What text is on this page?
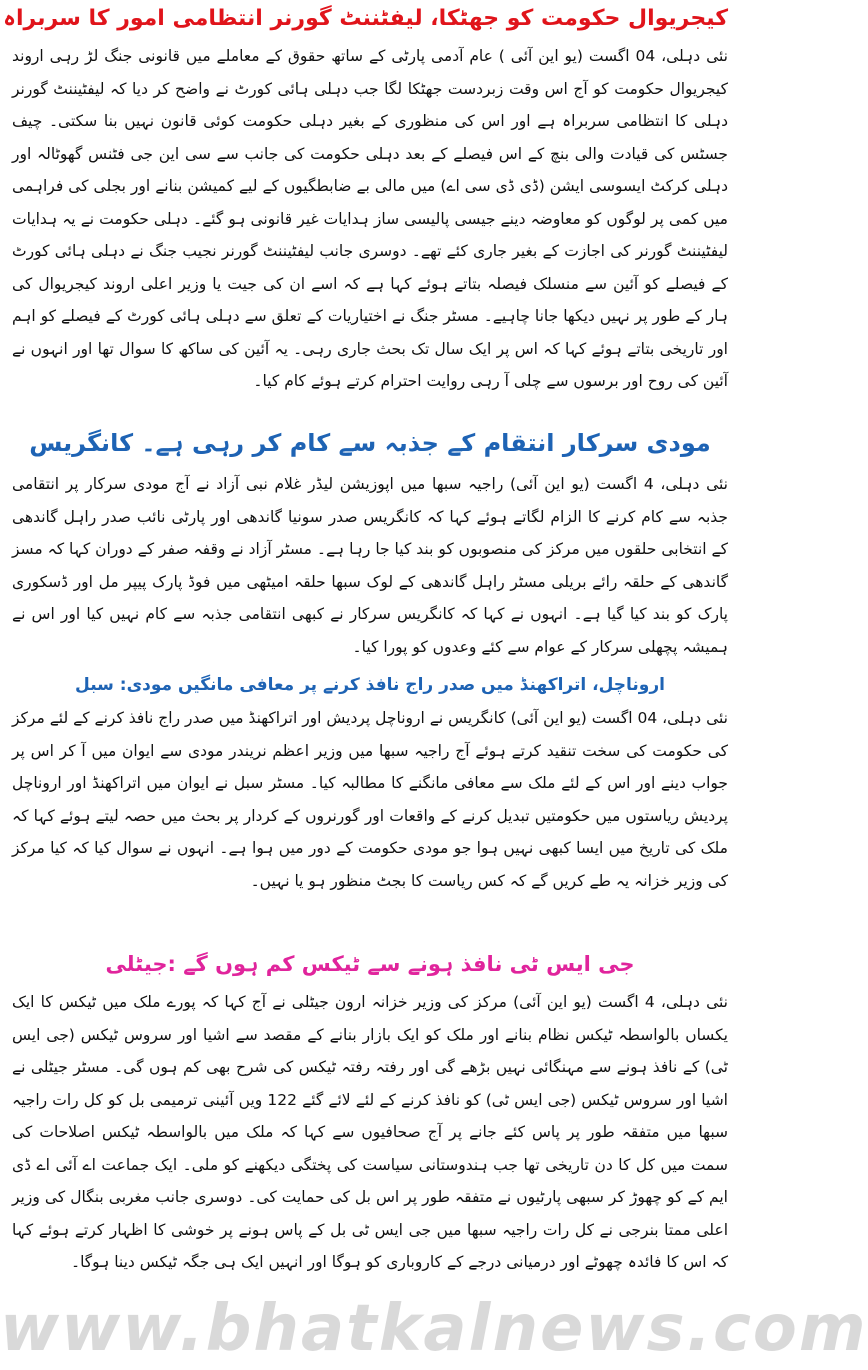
کیجریوال حکومت کو جھٹکا، لیفٹننٹ گورنر انتظامی امور کا سربراہ

نئی دہلی، 04 اگست (یو این آئی ) عام آدمی پارٹی کے ساتھ حقوق کے معاملے میں قانونی جنگ لڑ رہی اروند کیجریوال حکومت کو آج اس وقت زبردست جھٹکا لگا جب دہلی ہائی کورٹ نے واضح کر دیا کہ لیفٹیننٹ گورنر دہلی کا انتظامی سربراہ ہے اور اس کی منظوری کے بغیر دہلی حکومت کوئی قانون نہیں بنا سکتی۔ چیف جسٹس کی قیادت والی بنچ کے اس فیصلے کے بعد دہلی حکومت کی جانب سے سی این جی فٹنس گھوٹالہ اور دہلی کرکٹ ایسوسی ایشن (ڈی ڈی سی اے) میں مالی بے ضابطگیوں کے لیے کمیشن بنانے اور بجلی کی فراہمی میں کمی پر لوگوں کو معاوضہ دینے جیسی پالیسی ساز ہدایات غیر قانونی ہو گئے۔ دہلی حکومت نے یہ ہدایات لیفٹیننٹ گورنر کی اجازت کے بغیر جاری کئے تھے۔ دوسری جانب لیفٹیننٹ گورنر نجیب جنگ نے دہلی ہائی کورٹ کے فیصلے کو آئین سے منسلک فیصلہ بتاتے ہوئے کہا ہے کہ اسے ان کی جیت یا وزیر اعلی اروند کیجریوال کی ہار کے طور پر نہیں دیکھا جانا چاہیے۔ مسٹر جنگ نے اختیاریات کے تعلق سے دہلی ہائی کورٹ کے فیصلے کو اہم اور تاریخی بتاتے ہوئے کہا کہ اس پر ایک سال تک بحث جاری رہی۔ یہ آئین کی ساکھ کا سوال تھا اور انہوں نے آئین کی روح اور برسوں سے چلی آ رہی روایت احترام کرتے ہوئے کام کیا۔

مودی سرکار انتقام کے جذبہ سے کام کر رہی ہے۔ کانگریس

نئی دہلی، 4 اگست (یو این آئی) راجیہ سبھا میں اپوزیشن لیڈر غلام نبی آزاد نے آج مودی سرکار پر انتقامی جذبہ سے کام کرنے کا الزام لگاتے ہوئے کہا کہ کانگریس صدر سونیا گاندھی اور پارٹی نائب صدر راہل گاندھی کے انتخابی حلقوں میں مرکز کی منصوبوں کو بند کیا جا رہا ہے۔ مسٹر آزاد نے وقفہ صفر کے دوران کہا کہ مسز گاندھی کے حلقہ رائے بریلی مسٹر راہل گاندھی کے لوک سبھا حلقہ امیٹھی میں فوڈ پارک پیپر مل اور ڈسکوری پارک کو بند کیا گیا ہے۔ انہوں نے کہا کہ کانگریس سرکار نے کبھی انتقامی جذبہ سے کام نہیں کیا اور اس نے ہمیشہ پچھلی سرکار کے عوام سے کئے وعدوں کو پورا کیا۔

اروناچل، اتراکھنڈ میں صدر راج نافذ کرنے پر معافی مانگیں مودی: سبل

نئی دہلی، 04 اگست (یو این آئی) کانگریس نے اروناچل پردیش اور اتراکھنڈ میں صدر راج نافذ کرنے کے لئے مرکز کی حکومت کی سخت تنقید کرتے ہوئے آج راجیہ سبھا میں وزیر اعظم نریندر مودی سے ایوان میں آ کر اس پر جواب دینے اور اس کے لئے ملک سے معافی مانگنے کا مطالبہ کیا۔ مسٹر سبل نے ایوان میں اتراکھنڈ اور اروناچل پردیش ریاستوں میں حکومتیں تبدیل کرنے کے واقعات اور گورنروں کے کردار پر بحث میں حصہ لیتے ہوئے کہا کہ ملک کی تاریخ میں ایسا کبھی نہیں ہوا جو مودی حکومت کے دور میں ہوا ہے۔ انہوں نے سوال کیا کہ کیا مرکز کی وزیر خزانہ یہ طے کریں گے کہ کس ریاست کا بجٹ منظور ہو یا نہیں۔

جی ایس ٹی نافذ ہونے سے ٹیکس کم ہوں گے :جیٹلی

نئی دہلی، 4 اگست (یو این آئی) مرکز کی وزیر خزانہ ارون جیٹلی نے آج کہا کہ پورے ملک میں ٹیکس کا ایک یکساں بالواسطہ ٹیکس نظام بنانے اور ملک کو ایک بازار بنانے کے مقصد سے اشیا اور سروس ٹیکس (جی ایس ٹی) کے نافذ ہونے سے مہنگائی نہیں بڑھے گی اور رفتہ رفتہ ٹیکس کی شرح بھی کم ہوں گی۔ مسٹر جیٹلی نے اشیا اور سروس ٹیکس (جی ایس ٹی) کو نافذ کرنے کے لئے لائے گئے 122 ویں آئینی ترمیمی بل کو کل رات راجیہ سبھا میں متفقہ طور پر پاس کئے جانے پر آج صحافیوں سے کہا کہ ملک میں بالواسطہ ٹیکس اصلاحات کی سمت میں کل کا دن تاریخی تھا جب ہندوستانی سیاست کی پختگی دیکھنے کو ملی۔ ایک جماعت اے آئی اے ڈی ایم کے کو چھوڑ کر سبھی پارٹیوں نے متفقہ طور پر اس بل کی حمایت کی۔ دوسری جانب مغربی بنگال کی وزیر اعلی ممتا بنرجی نے کل رات راجیہ سبھا میں جی ایس ٹی بل کے پاس ہونے پر خوشی کا اظہار کرتے ہوئے کہا کہ اس کا فائدہ چھوٹے اور درمیانی درجے کے کاروباری کو ہوگا اور انہیں ایک ہی جگہ ٹیکس دینا ہوگا۔

www.bhatkalnews.com
